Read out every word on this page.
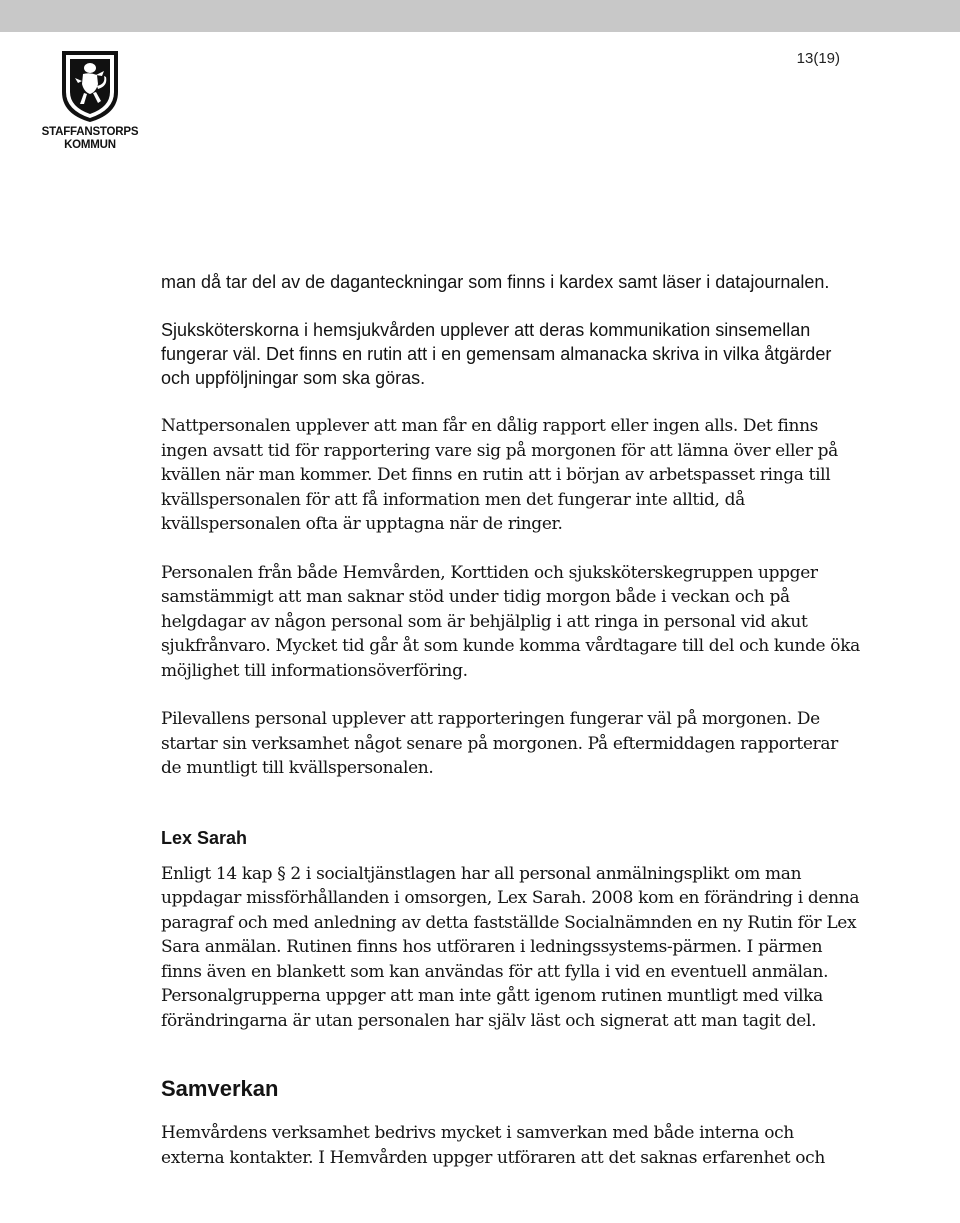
STAFFANSTORPS
KOMMUN
13(19)

man då tar del av de daganteckningar som finns i kardex samt läser i datajournalen.

Sjuksköterskorna i hemsjukvården upplever att deras kommunikation sinsemellan fungerar väl. Det finns en rutin att i en gemensam almanacka skriva in vilka åtgärder och uppföljningar som ska göras.

Nattpersonalen upplever att man får en dålig rapport eller ingen alls. Det finns ingen avsatt tid för rapportering vare sig på morgonen för att lämna över eller på kvällen när man kommer. Det finns en rutin att i början av arbetspasset ringa till kvällspersonalen för att få information men det fungerar inte alltid, då kvällspersonalen ofta är upptagna när de ringer.

Personalen från både Hemvården, Korttiden och sjuksköterskegruppen uppger samstämmigt att man saknar stöd under tidig morgon både i veckan och på helgdagar av någon personal som är behjälplig i att ringa in personal vid akut sjukfrånvaro. Mycket tid går åt som kunde komma vårdtagare till del och kunde öka möjlighet till informationsöverföring.

Pilevallens personal upplever att rapporteringen fungerar väl på morgonen. De startar sin verksamhet något senare på morgonen. På eftermiddagen rapporterar de muntligt till kvällspersonalen.

Lex Sarah

Enligt 14 kap § 2 i socialtjänstlagen har all personal anmälningsplikt om man uppdagar missförhållanden i omsorgen, Lex Sarah. 2008 kom en förändring i denna paragraf och med anledning av detta fastställde Socialnämnden en ny Rutin för Lex Sara anmälan. Rutinen finns hos utföraren i ledningssystems-pärmen. I pärmen finns även en blankett som kan användas för att fylla i vid en eventuell anmälan. Personalgrupperna uppger att man inte gått igenom rutinen muntligt med vilka förändringarna är utan personalen har själv läst och signerat att man tagit del.

Samverkan

Hemvårdens verksamhet bedrivs mycket i samverkan med både interna och externa kontakter. I Hemvården uppger utföraren att det saknas erfarenhet och
